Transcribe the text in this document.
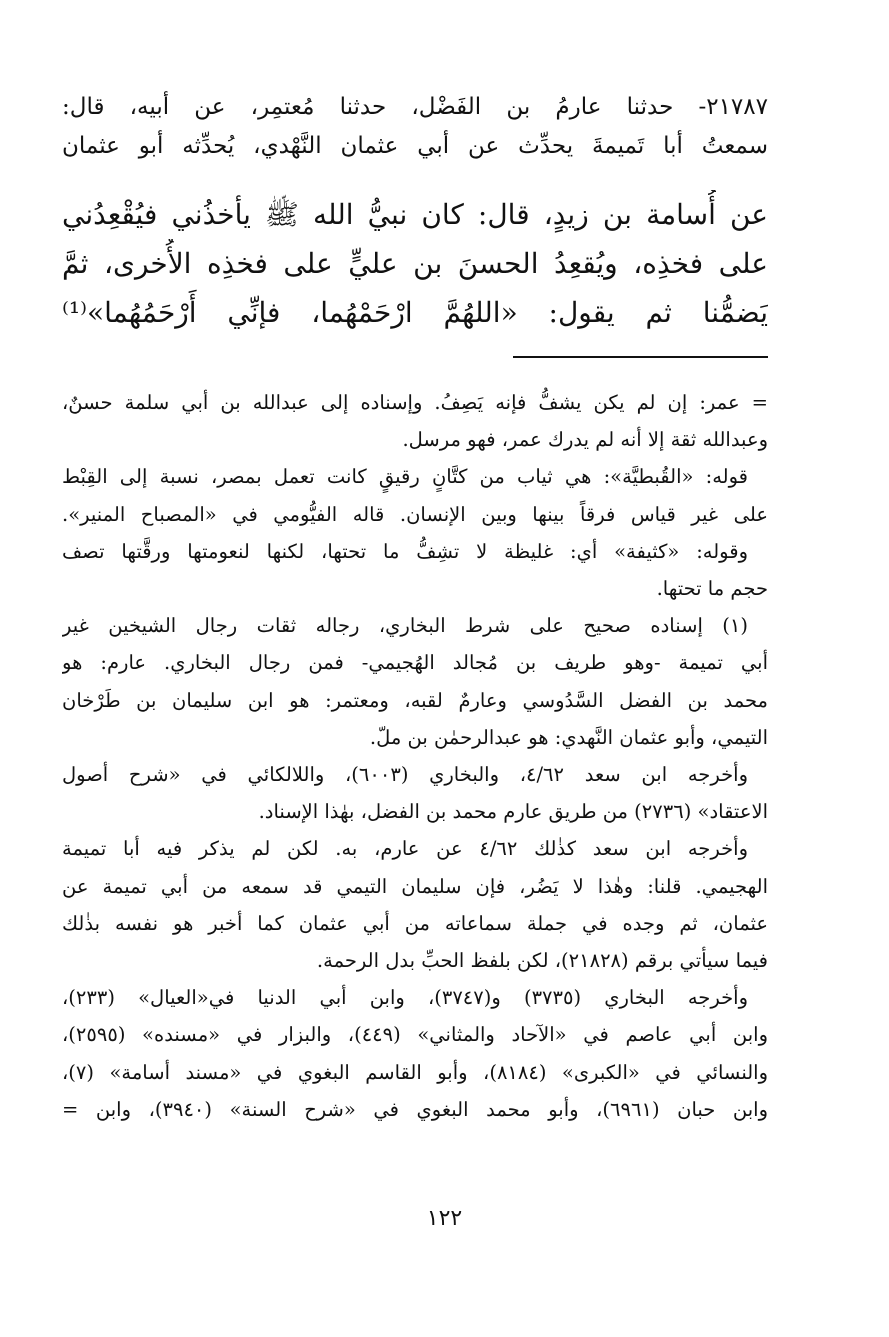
٢١٧٨٧- حدثنا عارمُ بن الفَضْل، حدثنا مُعتمِر، عن أبيه، قال:
سمعتُ أبا تَميمةَ يحدِّث عن أبي عثمان النَّهْدي، يُحدِّثه أبو عثمان
عن أُسامة بن زيدٍ، قال: كان نبيُّ الله ﷺ يأخذُني فيُقْعِدُني
على فخذِه، ويُقعِدُ الحسنَ بن عليٍّ على فخذِه الأُخرى، ثمَّ
يَضمُّنا ثم يقول: «اللهُمَّ ارْحَمْهُما، فإنِّي أَرْحَمُهُما»⁽¹⁾
= عمر: إن لم يكن يشفُّ فإنه يَصِفُ. وإسناده إلى عبدالله بن أبي سلمة حسنٌ،
وعبدالله ثقة إلا أنه لم يدرك عمر، فهو مرسل.
قوله: «القُبطيَّة»: هي ثياب من كتَّانٍ رقيقٍ كانت تعمل بمصر، نسبة إلى القِبْط
على غير قياس فرقاً بينها وبين الإنسان. قاله الفيُّومي في «المصباح المنير».
وقوله: «كثيفة» أي: غليظة لا تشِفُّ ما تحتها، لكنها لنعومتها ورقَّتها تصف
حجم ما تحتها.
(١) إسناده صحيح على شرط البخاري، رجاله ثقات رجال الشيخين غير
أبي تميمة -وهو طريف بن مُجالد الهُجيمي- فمن رجال البخاري. عارم: هو
محمد بن الفضل السَّدُوسي وعارمٌ لقبه، ومعتمر: هو ابن سليمان بن طَرْخان
التيمي، وأبو عثمان النَّهدي: هو عبدالرحمٰن بن ملّ.
وأخرجه ابن سعد ٤/٦٢، والبخاري (٦٠٠٣)، واللالكائي في «شرح أصول
الاعتقاد» (٢٧٣٦) من طريق عارم محمد بن الفضل، بهٰذا الإسناد.
وأخرجه ابن سعد كذٰلك ٤/٦٢ عن عارم، به. لكن لم يذكر فيه أبا تميمة
الهجيمي. قلنا: وهٰذا لا يَضُر، فإن سليمان التيمي قد سمعه من أبي تميمة عن
عثمان، ثم وجده في جملة سماعاته من أبي عثمان كما أخبر هو نفسه بذٰلك
فيما سيأتي برقم (٢١٨٢٨)، لكن بلفظ الحبِّ بدل الرحمة.
وأخرجه البخاري (٣٧٣٥) و(٣٧٤٧)، وابن أبي الدنيا في«العيال» (٢٣٣)،
وابن أبي عاصم في «الآحاد والمثاني» (٤٤٩)، والبزار في «مسنده» (٢٥٩٥)،
والنسائي في «الكبرى» (٨١٨٤)، وأبو القاسم البغوي في «مسند أسامة» (٧)،
وابن حبان (٦٩٦١)، وأبو محمد البغوي في «شرح السنة» (٣٩٤٠)، وابن =
١٢٢
